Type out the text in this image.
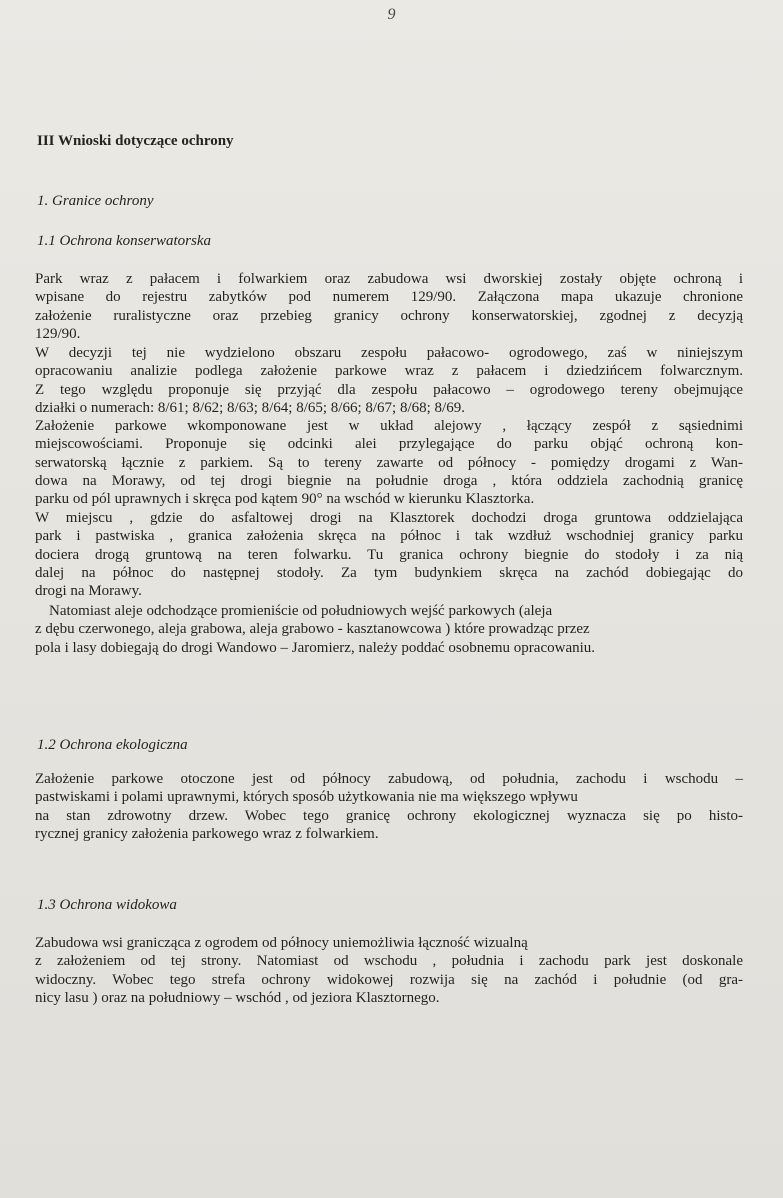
9
III Wnioski dotyczące ochrony
1. Granice ochrony
1.1 Ochrona konserwatorska
Park wraz z pałacem i folwarkiem oraz zabudowa wsi dworskiej zostały objęte ochroną i
wpisane do rejestru zabytków pod numerem 129/90. Załączona mapa ukazuje chronione
założenie ruralistyczne oraz przebieg granicy ochrony konserwatorskiej, zgodnej z decyzją
129/90.
W decyzji tej nie wydzielono obszaru zespołu pałacowo- ogrodowego, zaś w niniejszym
opracowaniu analizie podlega założenie parkowe wraz z pałacem i dziedzińcem folwarcznym.
Z tego względu proponuje się przyjąć dla zespołu pałacowo – ogrodowego tereny obejmujące
działki o numerach: 8/61; 8/62; 8/63; 8/64; 8/65; 8/66; 8/67; 8/68; 8/69.
Założenie parkowe wkomponowane jest w układ alejowy , łączący zespół z sąsiednimi
miejscowościami. Proponuje się odcinki alei przylegające do parku objąć ochroną kon-
serwatorską łącznie z parkiem. Są to tereny zawarte od północy - pomiędzy drogami z Wan-
dowa na Morawy, od tej drogi biegnie na południe droga , która oddziela zachodnią granicę
parku od pól uprawnych i skręca pod kątem 90° na wschód w kierunku Klasztorka.
W miejscu , gdzie do asfaltowej drogi na Klasztorek dochodzi droga gruntowa oddzielająca
park i pastwiska , granica założenia skręca na północ i tak wzdłuż wschodniej granicy parku
dociera drogą gruntową na teren folwarku. Tu granica ochrony biegnie do stodoły i za nią
dalej na północ do następnej stodoły. Za tym budynkiem skręca na zachód dobiegając do
drogi na Morawy.
Natomiast aleje odchodzące promieniście od południowych wejść parkowych (aleja
z dębu czerwonego, aleja grabowa, aleja grabowo - kasztanowcowa ) które prowadząc przez
pola i lasy dobiegają do drogi Wandowo – Jaromierz, należy poddać osobnemu opracowaniu.
1.2 Ochrona ekologiczna
Założenie parkowe otoczone jest od północy zabudową, od południa, zachodu i wschodu –
pastwiskami i polami uprawnymi, których sposób użytkowania nie ma większego wpływu
na stan zdrowotny drzew. Wobec tego granicę ochrony ekologicznej wyznacza się po histo-
rycznej granicy założenia parkowego wraz z folwarkiem.
1.3 Ochrona widokowa
Zabudowa wsi granicząca z ogrodem od północy uniemożliwia łączność wizualną
z założeniem od tej strony. Natomiast od wschodu , południa i zachodu park jest doskonale
widoczny. Wobec tego strefa ochrony widokowej rozwija się na zachód i południe (od gra-
nicy lasu ) oraz na południowy – wschód , od jeziora Klasztornego.
